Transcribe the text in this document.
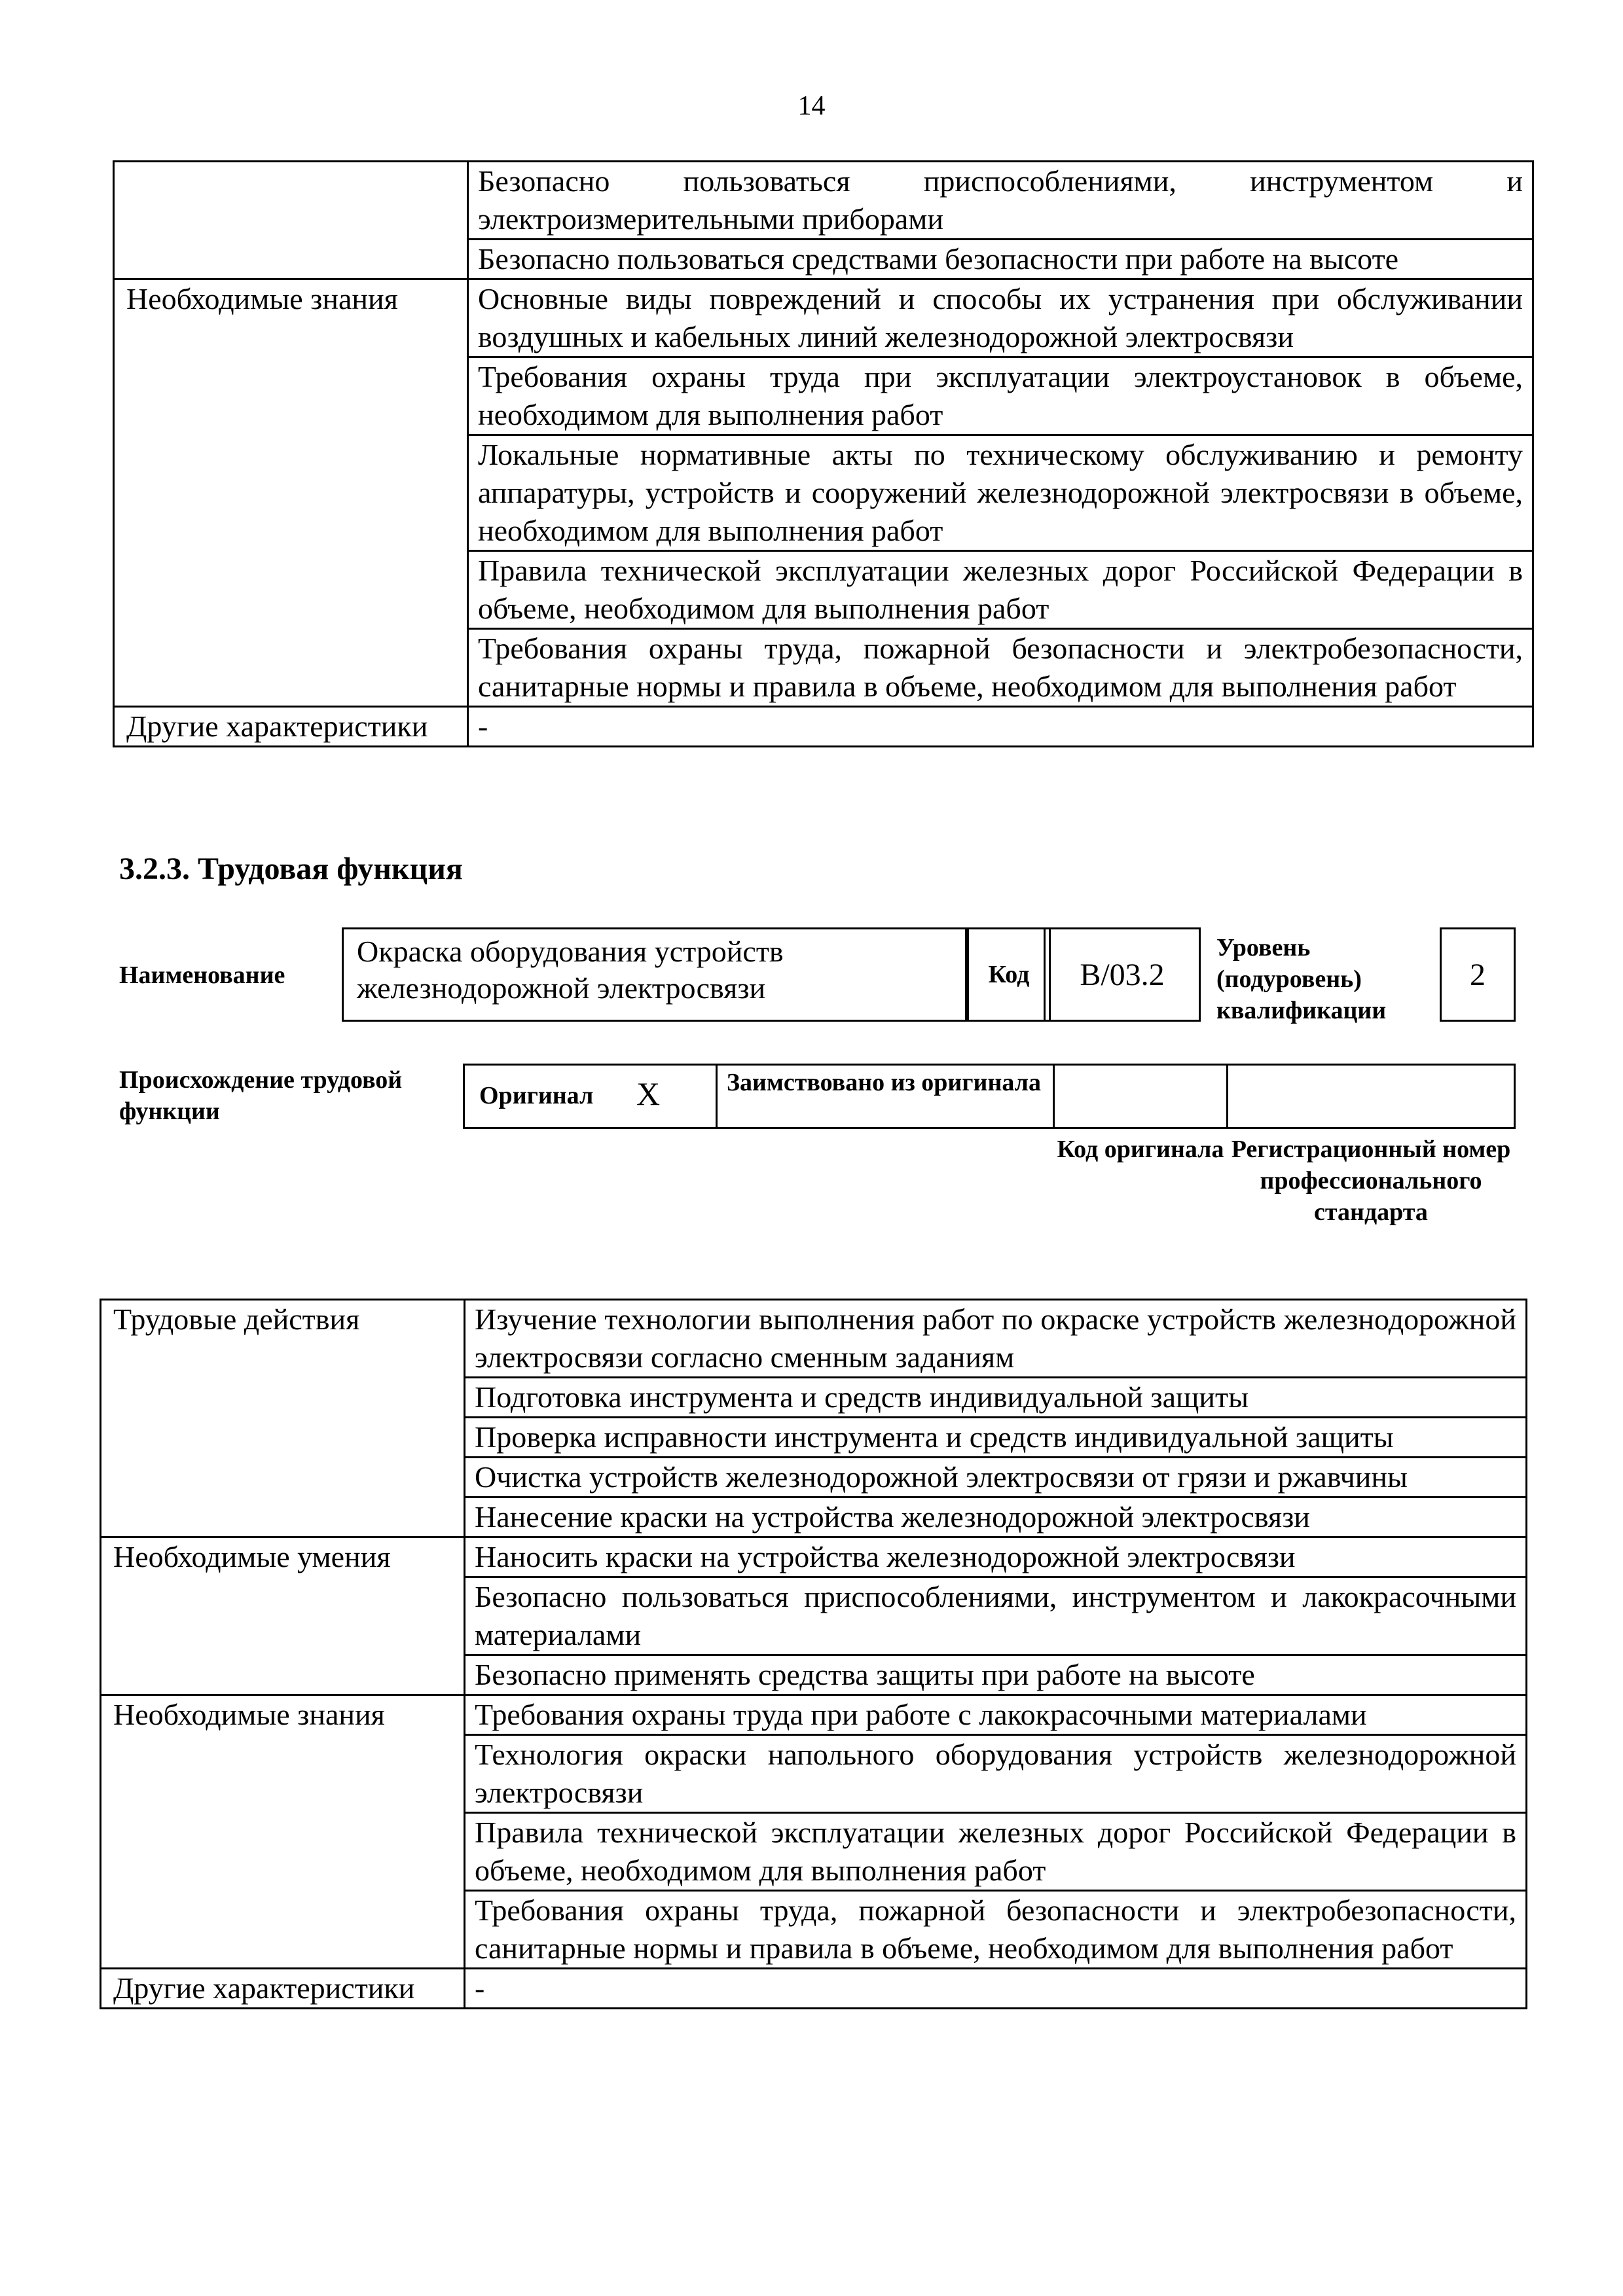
14
	Безопасно пользоваться приспособлениями, инструментом и электроизмерительными приборами
	Безопасно пользоваться средствами безопасности при работе на высоте
Необходимые знания	Основные виды повреждений и способы их устранения при обслуживании воздушных и кабельных линий железнодорожной электросвязи
	Требования охраны труда при эксплуатации электроустановок в объеме, необходимом для выполнения работ
	Локальные нормативные акты по техническому обслуживанию и ремонту аппаратуры, устройств и сооружений железнодорожной электросвязи в объеме, необходимом для выполнения работ
	Правила технической эксплуатации железных дорог Российской Федерации в объеме, необходимом для выполнения работ
	Требования охраны труда, пожарной безопасности и электробезопасности, санитарные нормы и правила в объеме, необходимом для выполнения работ
Другие характеристики	-
3.2.3. Трудовая функция
Наименование
Окраска оборудования устройств железнодорожной электросвязи	Код B/03.2
Уровень (подуровень) квалификации
2
Происхождение трудовой функции
Оригинал X	Заимствовано из оригинала
Код оригинала Регистрационный номер профессионального стандарта
Трудовые действия	Изучение технологии выполнения работ по окраске устройств железнодорожной электросвязи согласно сменным заданиям
	Подготовка инструмента и средств индивидуальной защиты
	Проверка исправности инструмента и средств индивидуальной защиты
	Очистка устройств железнодорожной электросвязи от грязи и ржавчины
	Нанесение краски на устройства железнодорожной электросвязи
Необходимые умения	Наносить краски на устройства железнодорожной электросвязи
	Безопасно пользоваться приспособлениями, инструментом и лакокрасочными материалами
	Безопасно применять средства защиты при работе на высоте
Необходимые знания	Требования охраны труда при работе с лакокрасочными материалами
	Технология окраски напольного оборудования устройств железнодорожной электросвязи
	Правила технической эксплуатации железных дорог Российской Федерации в объеме, необходимом для выполнения работ
	Требования охраны труда, пожарной безопасности и электробезопасности, санитарные нормы и правила в объеме, необходимом для выполнения работ
Другие характеристики	-
